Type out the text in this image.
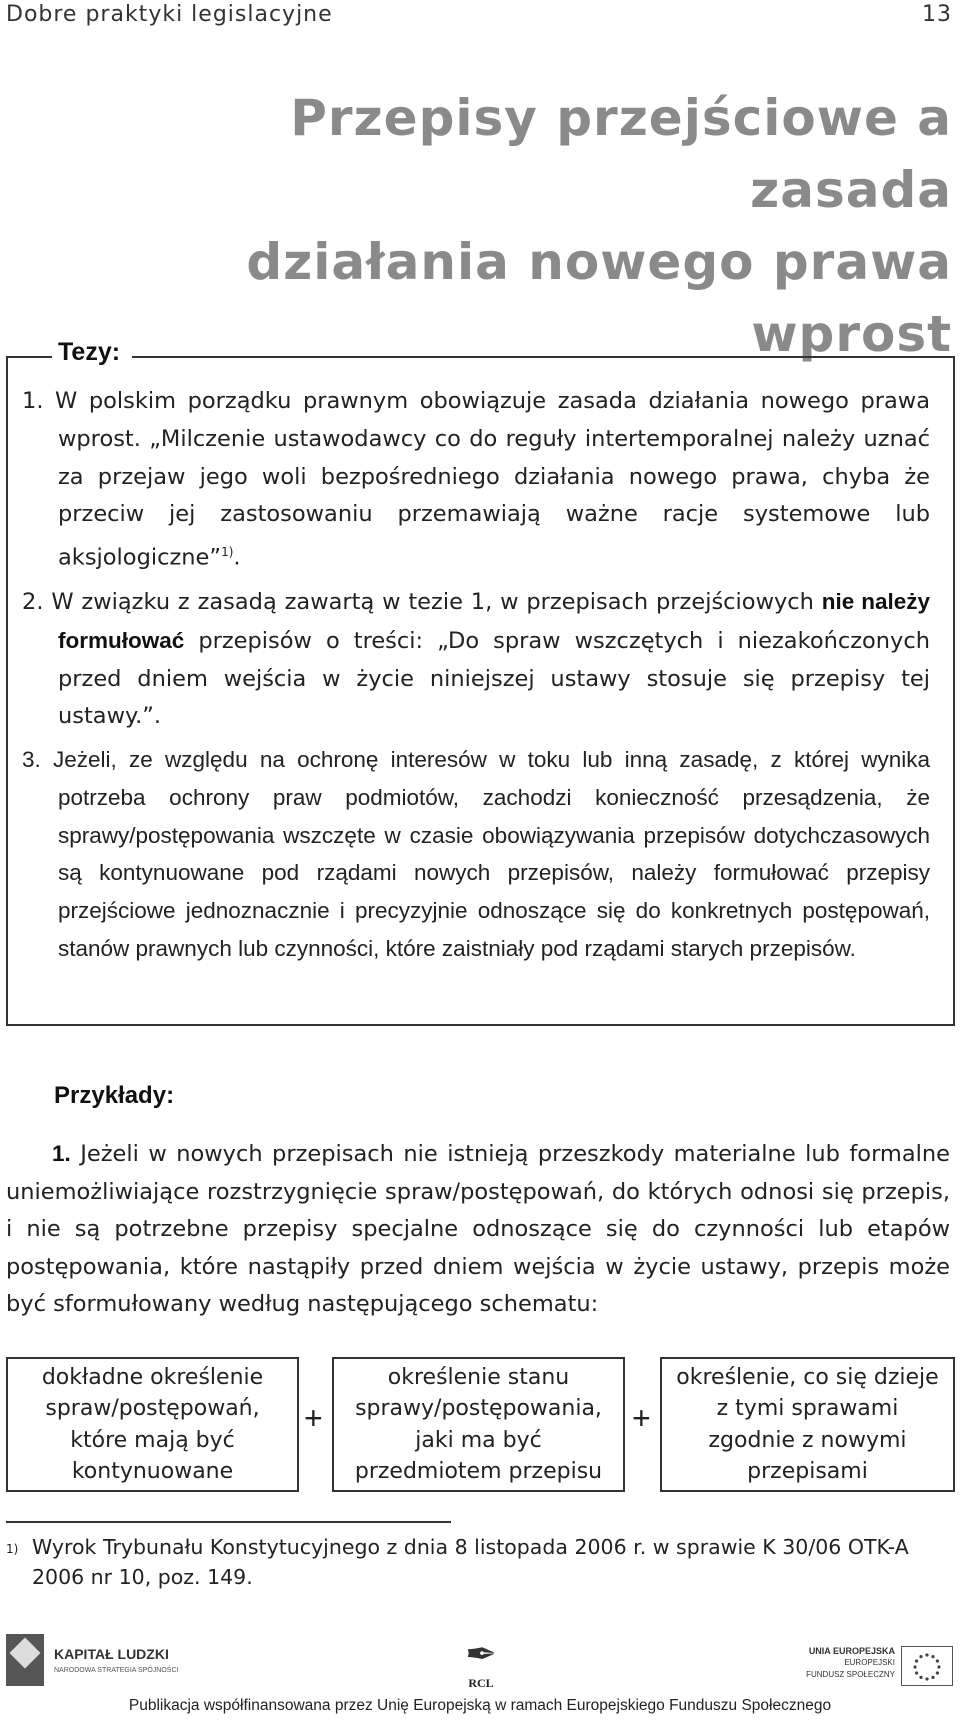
Dobre praktyki legislacyjne	13
Przepisy przejściowe a zasada
działania nowego prawa wprost
Tezy:
1. W polskim porządku prawnym obowiązuje zasada działania nowego prawa wprost. „Milczenie ustawodawcy co do reguły intertemporalnej należy uznać za przejaw jego woli bezpośredniego działania nowego prawa, chyba że przeciw jej zastosowaniu przemawiają ważne racje systemowe lub aksjologiczne”$^{1)}$.
2. W związku z zasadą zawartą w tezie 1, w przepisach przejściowych nie należy formułować przepisów o treści: „Do spraw wszczętych i niezakończonych przed dniem wejścia w życie niniejszej ustawy stosuje się przepisy tej ustawy.”.
3. Jeżeli, ze względu na ochronę interesów w toku lub inną zasadę, z której wynika potrzeba ochrony praw podmiotów, zachodzi konieczność przesądzenia, że sprawy/postępowania wszczęte w czasie obowiązywania przepisów dotychczasowych są kontynuowane pod rządami nowych przepisów, należy formułować przepisy przejściowe jednoznacznie i precyzyjnie odnoszące się do konkretnych postępowań, stanów prawnych lub czynności, które zaistniały pod rządami starych przepisów.
Przykłady:
1. Jeżeli w nowych przepisach nie istnieją przeszkody materialne lub formalne uniemożliwiające rozstrzygnięcie spraw/postępowań, do których odnosi się przepis, i nie są potrzebne przepisy specjalne odnoszące się do czynności lub etapów postępowania, które nastąpiły przed dniem wejścia w życie ustawy, przepis może być sformułowany według następującego schematu:
dokładne określenie spraw/postępowań, które mają być kontynuowane
+
określenie stanu sprawy/postępowania, jaki ma być przedmiotem przepisu
+
określenie, co się dzieje z tymi sprawami zgodnie z nowymi przepisami
1) Wyrok Trybunału Konstytucyjnego z dnia 8 listopada 2006 r. w sprawie K 30/06 OTK-A 2006 nr 10, poz. 149.
KAPITAŁ LUDZKI
NARODOWA STRATEGIA SPÓJNOŚCI	✒
RCL
UNIA EUROPEJSKA
EUROPEJSKI
FUNDUSZ SPOŁECZNY
Publikacja współfinansowana przez Unię Europejską w ramach Europejskiego Funduszu Społecznego
